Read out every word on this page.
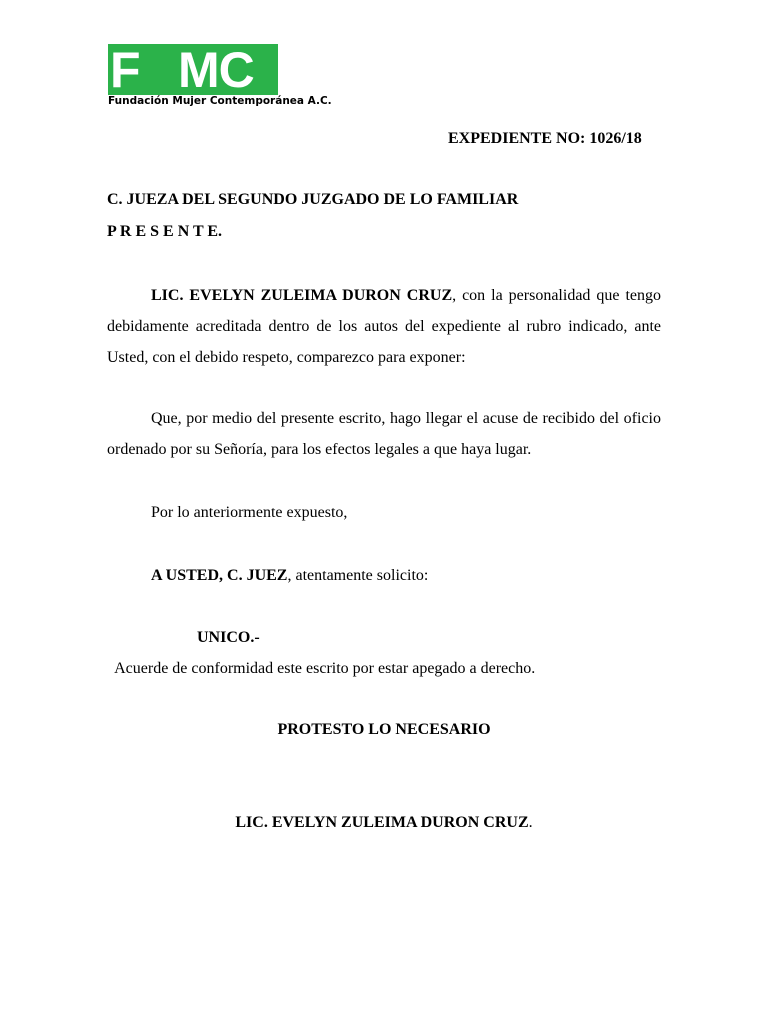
F MC
Fundación Mujer Contemporánea A.C.
EXPEDIENTE NO: 1026/18
C. JUEZA DEL SEGUNDO JUZGADO DE LO FAMILIAR
P R E S E N T E.
LIC. EVELYN ZULEIMA DURON CRUZ, con la personalidad que tengo debidamente acreditada dentro de los autos del expediente al rubro indicado, ante Usted, con el debido respeto, comparezco para exponer:
Que, por medio del presente escrito, hago llegar el acuse de recibido del oficio ordenado por su Señoría, para los efectos legales a que haya lugar.
Por lo anteriormente expuesto,
A USTED, C. JUEZ, atentamente solicito:
UNICO.-  Acuerde de conformidad este escrito por estar apegado a derecho.
PROTESTO LO NECESARIO
LIC. EVELYN ZULEIMA DURON CRUZ.
